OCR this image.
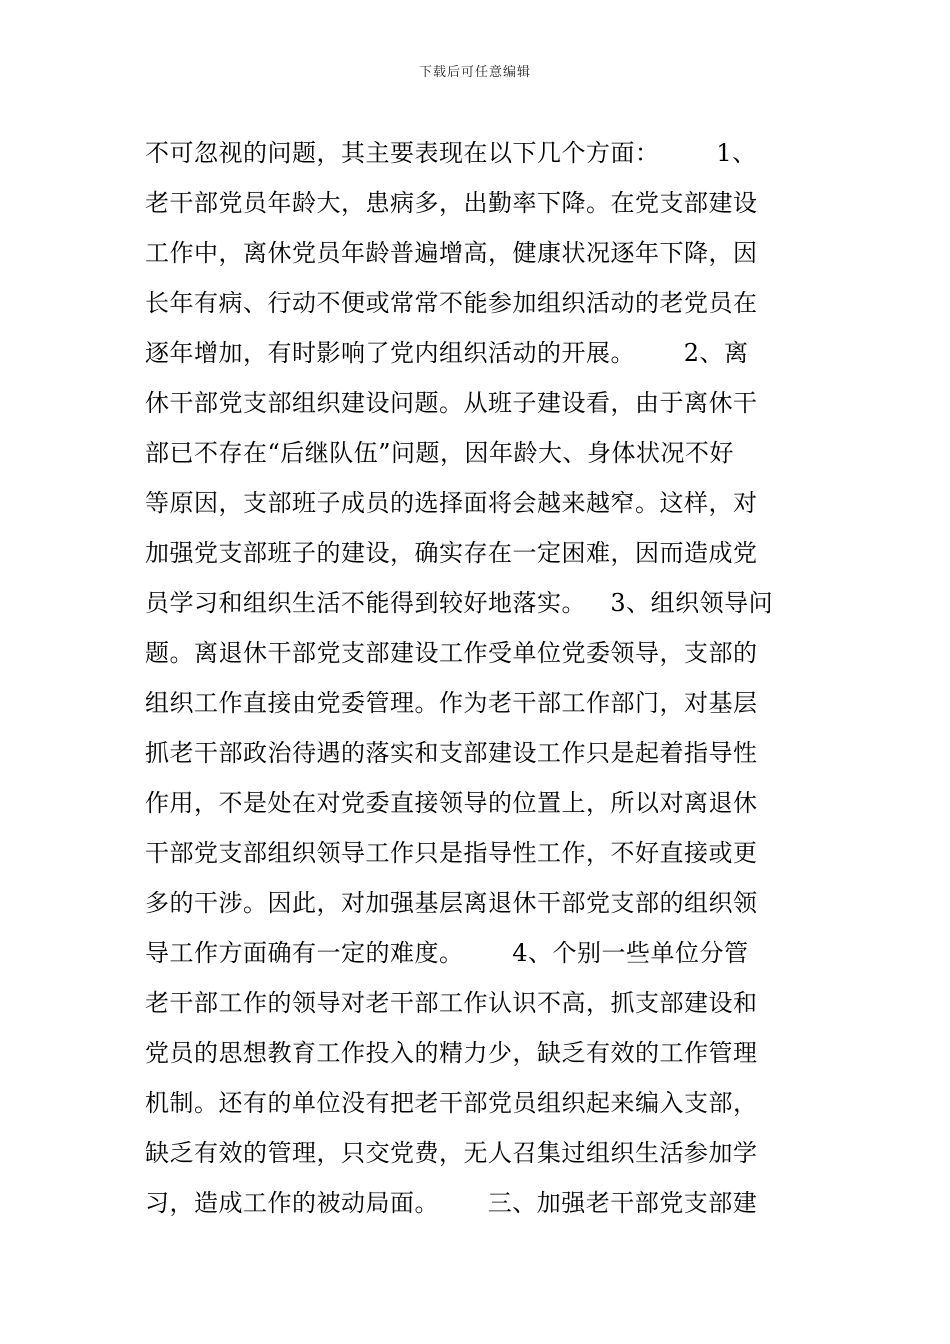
下载后可任意编辑
不可忽视的问题，其主要表现在以下几个方面：       1、
老干部党员年龄大，患病多，出勤率下降。在党支部建设
工作中，离休党员年龄普遍增高，健康状况逐年下降，因
长年有病、行动不便或常常不能参加组织活动的老党员在
逐年增加，有时影响了党内组织活动的开展。      2、离
休干部党支部组织建设问题。从班子建设看，由于离休干
部已不存在“后继队伍”问题，因年龄大、身体状况不好
等原因，支部班子成员的选择面将会越来越窄。这样，对
加强党支部班子的建设，确实存在一定困难，因而造成党
员学习和组织生活不能得到较好地落实。   3、组织领导问
题。离退休干部党支部建设工作受单位党委领导，支部的
组织工作直接由党委管理。作为老干部工作部门，对基层
抓老干部政治待遇的落实和支部建设工作只是起着指导性
作用，不是处在对党委直接领导的位置上，所以对离退休
干部党支部组织领导工作只是指导性工作，不好直接或更
多的干涉。因此，对加强基层离退休干部党支部的组织领
导工作方面确有一定的难度。      4、个别一些单位分管
老干部工作的领导对老干部工作认识不高，抓支部建设和
党员的思想教育工作投入的精力少，缺乏有效的工作管理
机制。还有的单位没有把老干部党员组织起来编入支部，
缺乏有效的管理，只交党费，无人召集过组织生活参加学
习，造成工作的被动局面。      三、加强老干部党支部建
